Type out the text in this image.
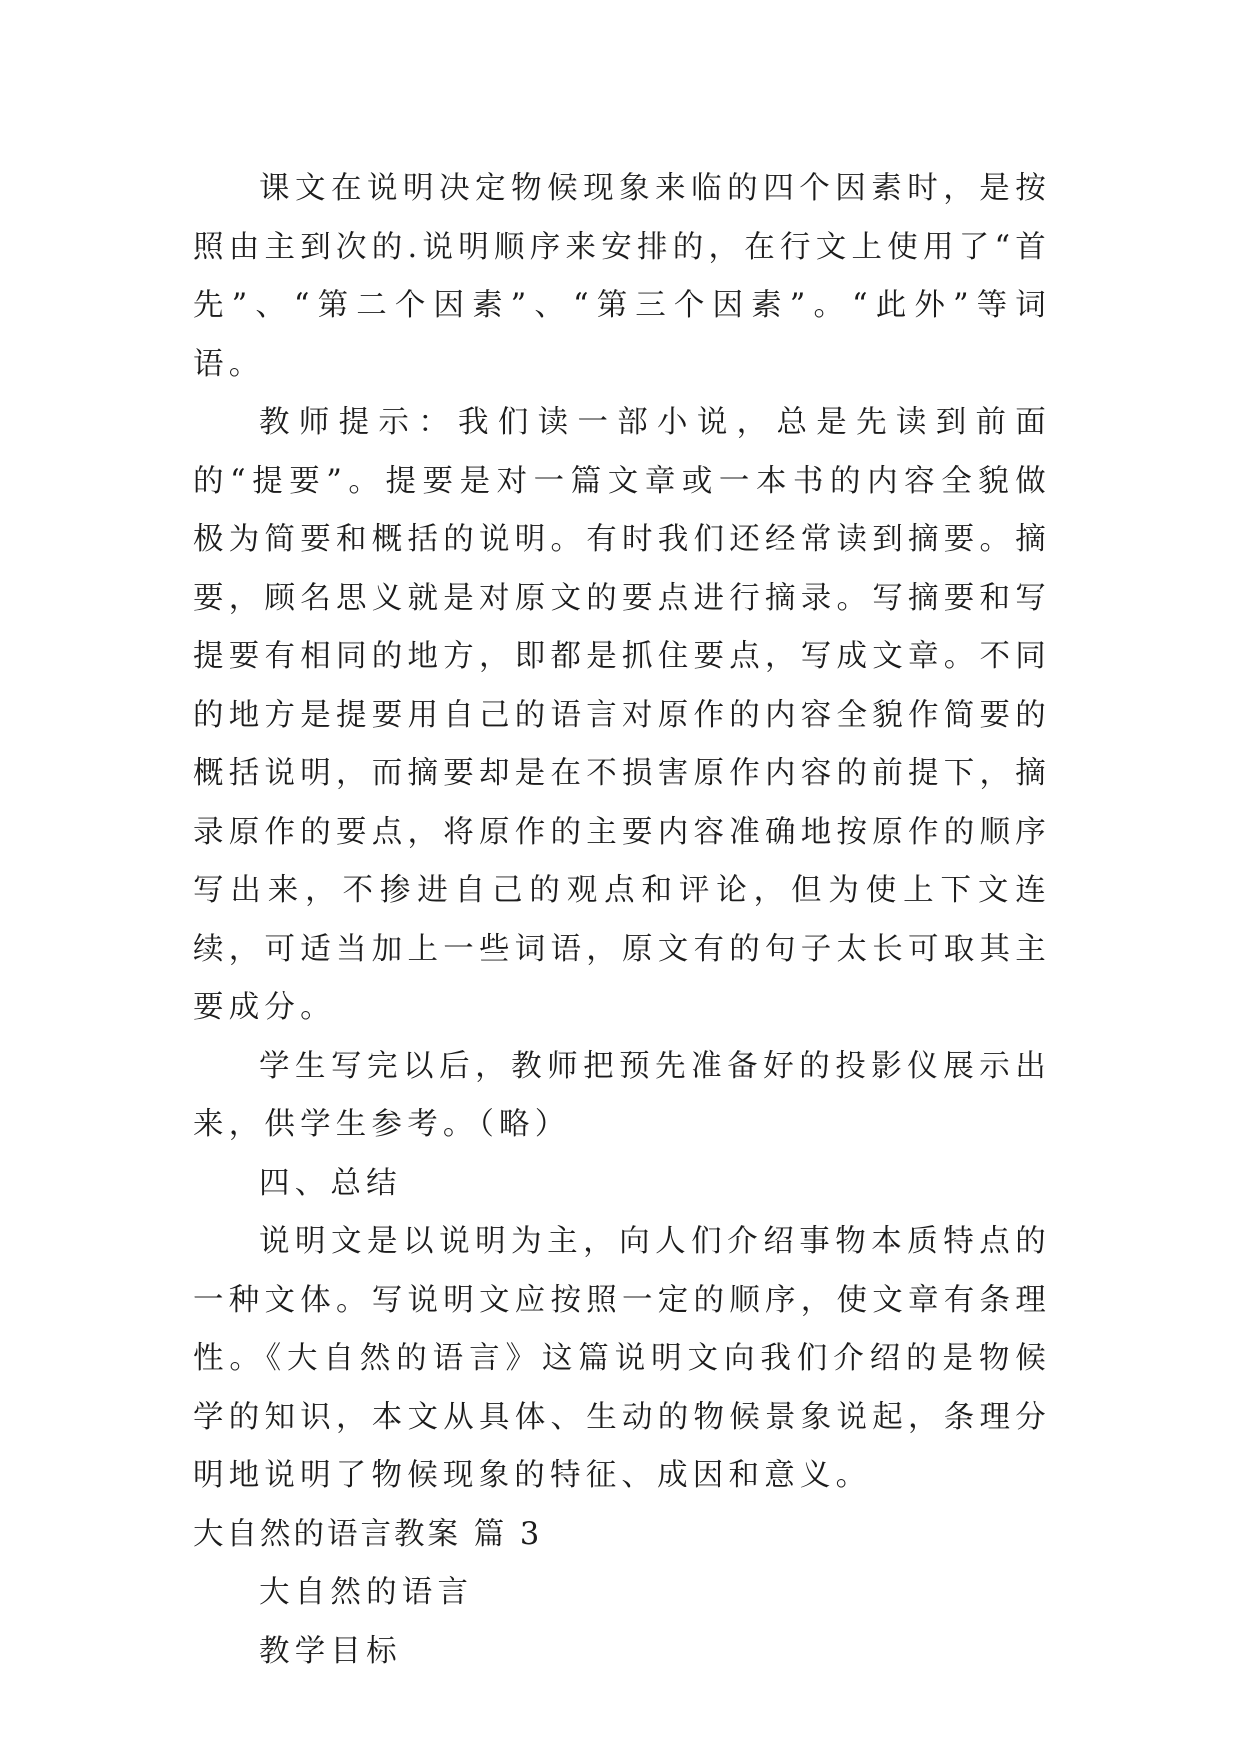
课文在说明决定物候现象来临的四个因素时，是按照由主到次的.说明顺序来安排的，在行文上使用了“首先”、“第二个因素”、“第三个因素”。“此外”等词语。

教师提示：我们读一部小说，总是先读到前面的“提要”。提要是对一篇文章或一本书的内容全貌做极为简要和概括的说明。有时我们还经常读到摘要。摘要，顾名思义就是对原文的要点进行摘录。写摘要和写提要有相同的地方，即都是抓住要点，写成文章。不同的地方是提要用自己的语言对原作的内容全貌作简要的概括说明，而摘要却是在不损害原作内容的前提下，摘录原作的要点，将原作的主要内容准确地按原作的顺序写出来，不掺进自己的观点和评论，但为使上下文连续，可适当加上一些词语，原文有的句子太长可取其主要成分。

学生写完以后，教师把预先准备好的投影仪展示出来，供学生参考。（略）

四、总结

说明文是以说明为主，向人们介绍事物本质特点的一种文体。写说明文应按照一定的顺序，使文章有条理性。《大自然的语言》这篇说明文向我们介绍的是物候学的知识，本文从具体、生动的物候景象说起，条理分明地说明了物候现象的特征、成因和意义。

大自然的语言教案 篇 3

大自然的语言

教学目标
